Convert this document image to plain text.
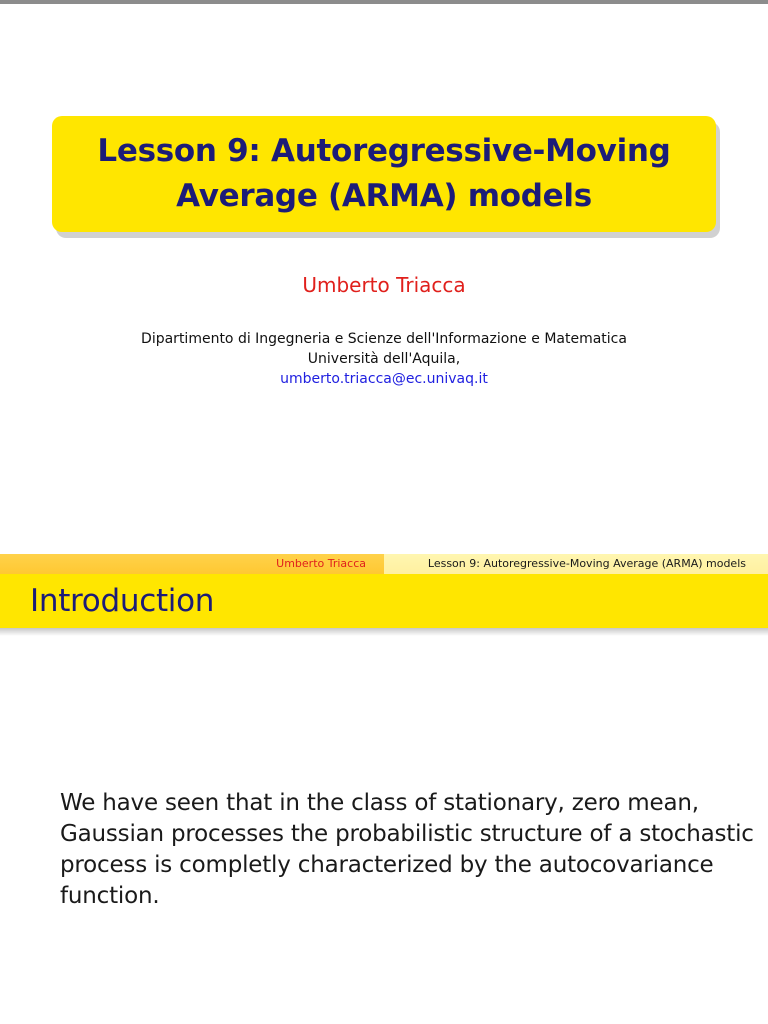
Lesson 9: Autoregressive-Moving
Average (ARMA) models
Umberto Triacca
Dipartimento di Ingegneria e Scienze dell'Informazione e Matematica
Università dell'Aquila,
umberto.triacca@ec.univaq.it
Umberto Triacca	Lesson 9: Autoregressive-Moving Average (ARMA) models
Introduction
We have seen that in the class of stationary, zero mean,
Gaussian processes the probabilistic structure of a stochastic
process is completly characterized by the autocovariance
function.
